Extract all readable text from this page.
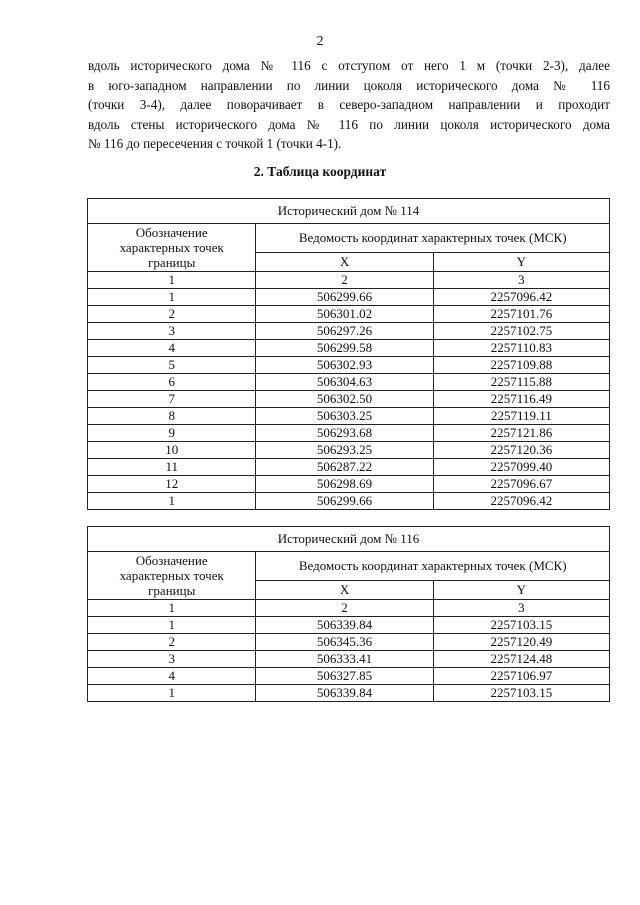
2
вдоль исторического дома № 116 с отступом от него 1 м (точки 2-3), далее
в юго-западном направлении по линии цоколя исторического дома № 116
(точки 3-4), далее поворачивает в северо-западном направлении и проходит
вдоль стены исторического дома № 116 по линии цоколя исторического дома
№ 116 до пересечения с точкой 1 (точки 4-1).
2. Таблица координат
Исторический дом № 114		
Обозначение
характерных точек
границы	Ведомость координат характерных точек (МСК)	
	X	Y
1	2	3
1	506299.66	2257096.42
2	506301.02	2257101.76
3	506297.26	2257102.75
4	506299.58	2257110.83
5	506302.93	2257109.88
6	506304.63	2257115.88
7	506302.50	2257116.49
8	506303.25	2257119.11
9	506293.68	2257121.86
10	506293.25	2257120.36
11	506287.22	2257099.40
12	506298.69	2257096.67
1	506299.66	2257096.42
Исторический дом № 116		
Обозначение
характерных точек
границы	Ведомость координат характерных точек (МСК)	
	X	Y
1	2	3
1	506339.84	2257103.15
2	506345.36	2257120.49
3	506333.41	2257124.48
4	506327.85	2257106.97
1	506339.84	2257103.15
